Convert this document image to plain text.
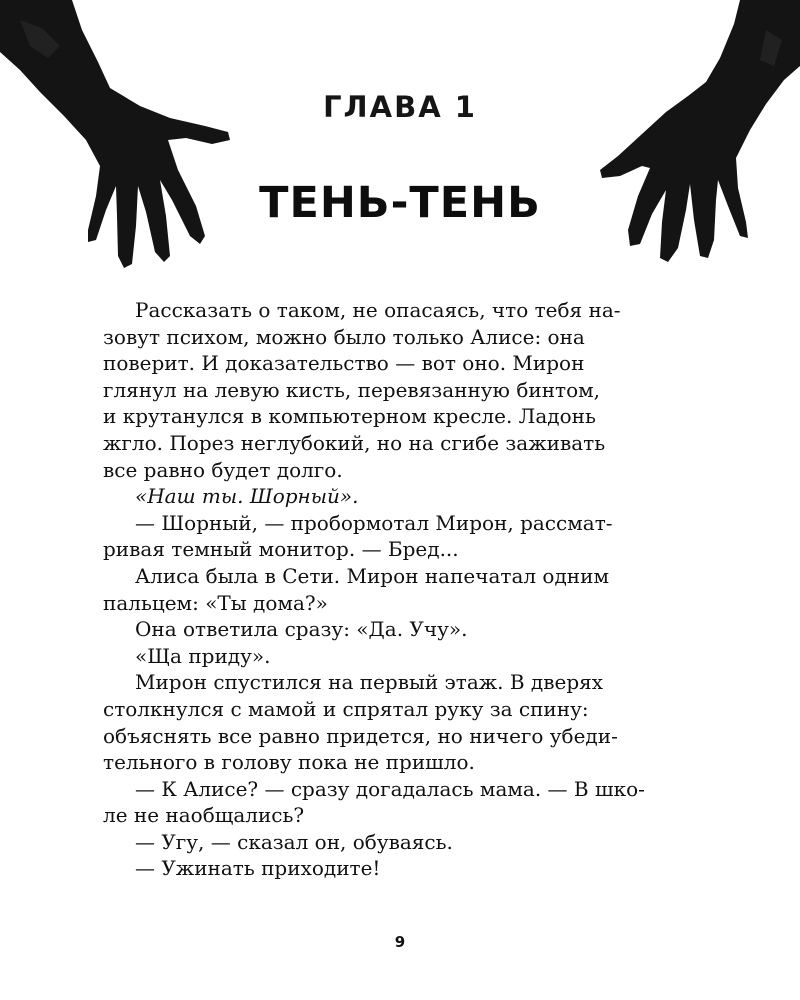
ГЛАВА 1
ТЕНЬ-ТЕНЬ

Рассказать о таком, не опасаясь, что тебя на-
зовут психом, можно было только Алисе: она
поверит. И доказательство — вот оно. Мирон
глянул на левую кисть, перевязанную бинтом,
и крутанулся в компьютерном кресле. Ладонь
жгло. Порез неглубокий, но на сгибе заживать
все равно будет долго.

«Наш ты. Шорный».

— Шорный, — пробормотал Мирон, рассмат-
ривая темный монитор. — Бред...

Алиса была в Сети. Мирон напечатал одним
пальцем: «Ты дома?»

Она ответила сразу: «Да. Учу».

«Ща приду».

Мирон спустился на первый этаж. В дверях
столкнулся с мамой и спрятал руку за спину:
объяснять все равно придется, но ничего убеди-
тельного в голову пока не пришло.

— К Алисе? — сразу догадалась мама. — В шко-
ле не наобщались?

— Угу, — сказал он, обуваясь.

— Ужинать приходите!

9
